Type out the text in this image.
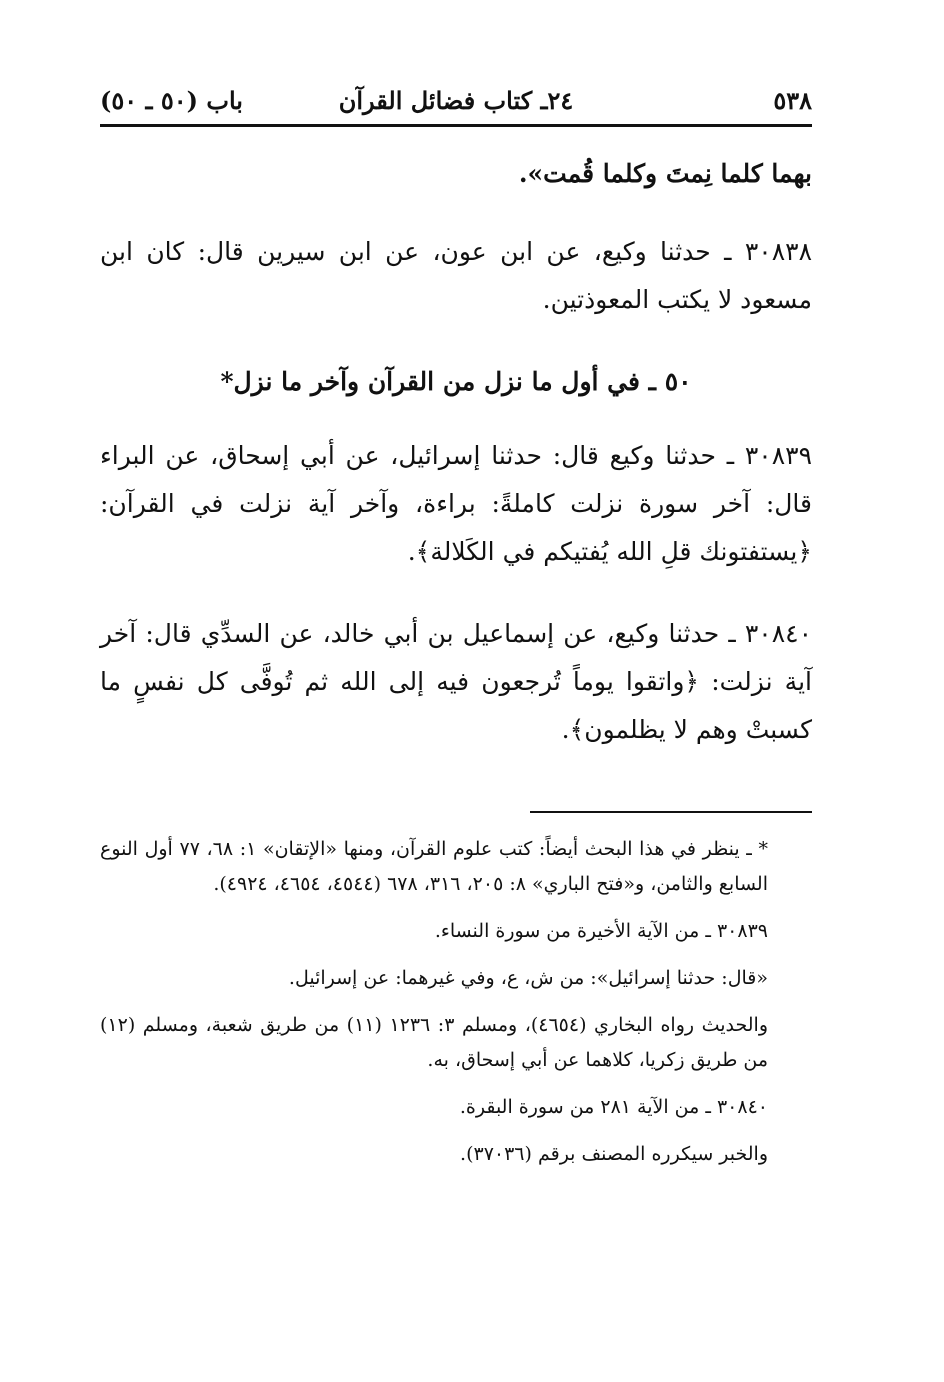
٥٣٨
٢٤ـ كتاب فضائل القرآن
باب (٥٠ ـ ٥٠)

بهما كلما نِمتَ وكلما قُمت».

٣٠٨٣٨ ـ حدثنا وكيع، عن ابن عون، عن ابن سيرين قال: كان ابن مسعود لا يكتب المعوذتين.

٥٠ ـ في أول ما نزل من القرآن وآخر ما نزل*

٣٠٨٣٩ ـ حدثنا وكيع قال: حدثنا إسرائيل، عن أبي إسحاق، عن البراء قال: آخر سورة نزلت كاملةً: براءة، وآخر آية نزلت في القرآن: ﴿يستفتونك قلِ الله يُفتيكم في الكَلالة﴾.

٣٠٨٤٠ ـ حدثنا وكيع، عن إسماعيل بن أبي خالد، عن السدِّي قال: آخر آية نزلت: ﴿واتقوا يوماً تُرجعون فيه إلى الله ثم تُوفَّى كل نفسٍ ما كسبتْ وهم لا يظلمون﴾.

* ـ ينظر في هذا البحث أيضاً: كتب علوم القرآن، ومنها «الإتقان» ١: ٦٨، ٧٧ أول النوع السابع والثامن، و«فتح الباري» ٨: ٢٠٥، ٣١٦، ٦٧٨ (٤٥٤٤، ٤٦٥٤، ٤٩٢٤).

٣٠٨٣٩ ـ من الآية الأخيرة من سورة النساء.

«قال: حدثنا إسرائيل»: من ش، ع، وفي غيرهما: عن إسرائيل.

والحديث رواه البخاري (٤٦٥٤)، ومسلم ٣: ١٢٣٦ (١١) من طريق شعبة، ومسلم (١٢) من طريق زكريا، كلاهما عن أبي إسحاق، به.

٣٠٨٤٠ ـ من الآية ٢٨١ من سورة البقرة.

والخبر سيكرره المصنف برقم (٣٧٠٣٦).
